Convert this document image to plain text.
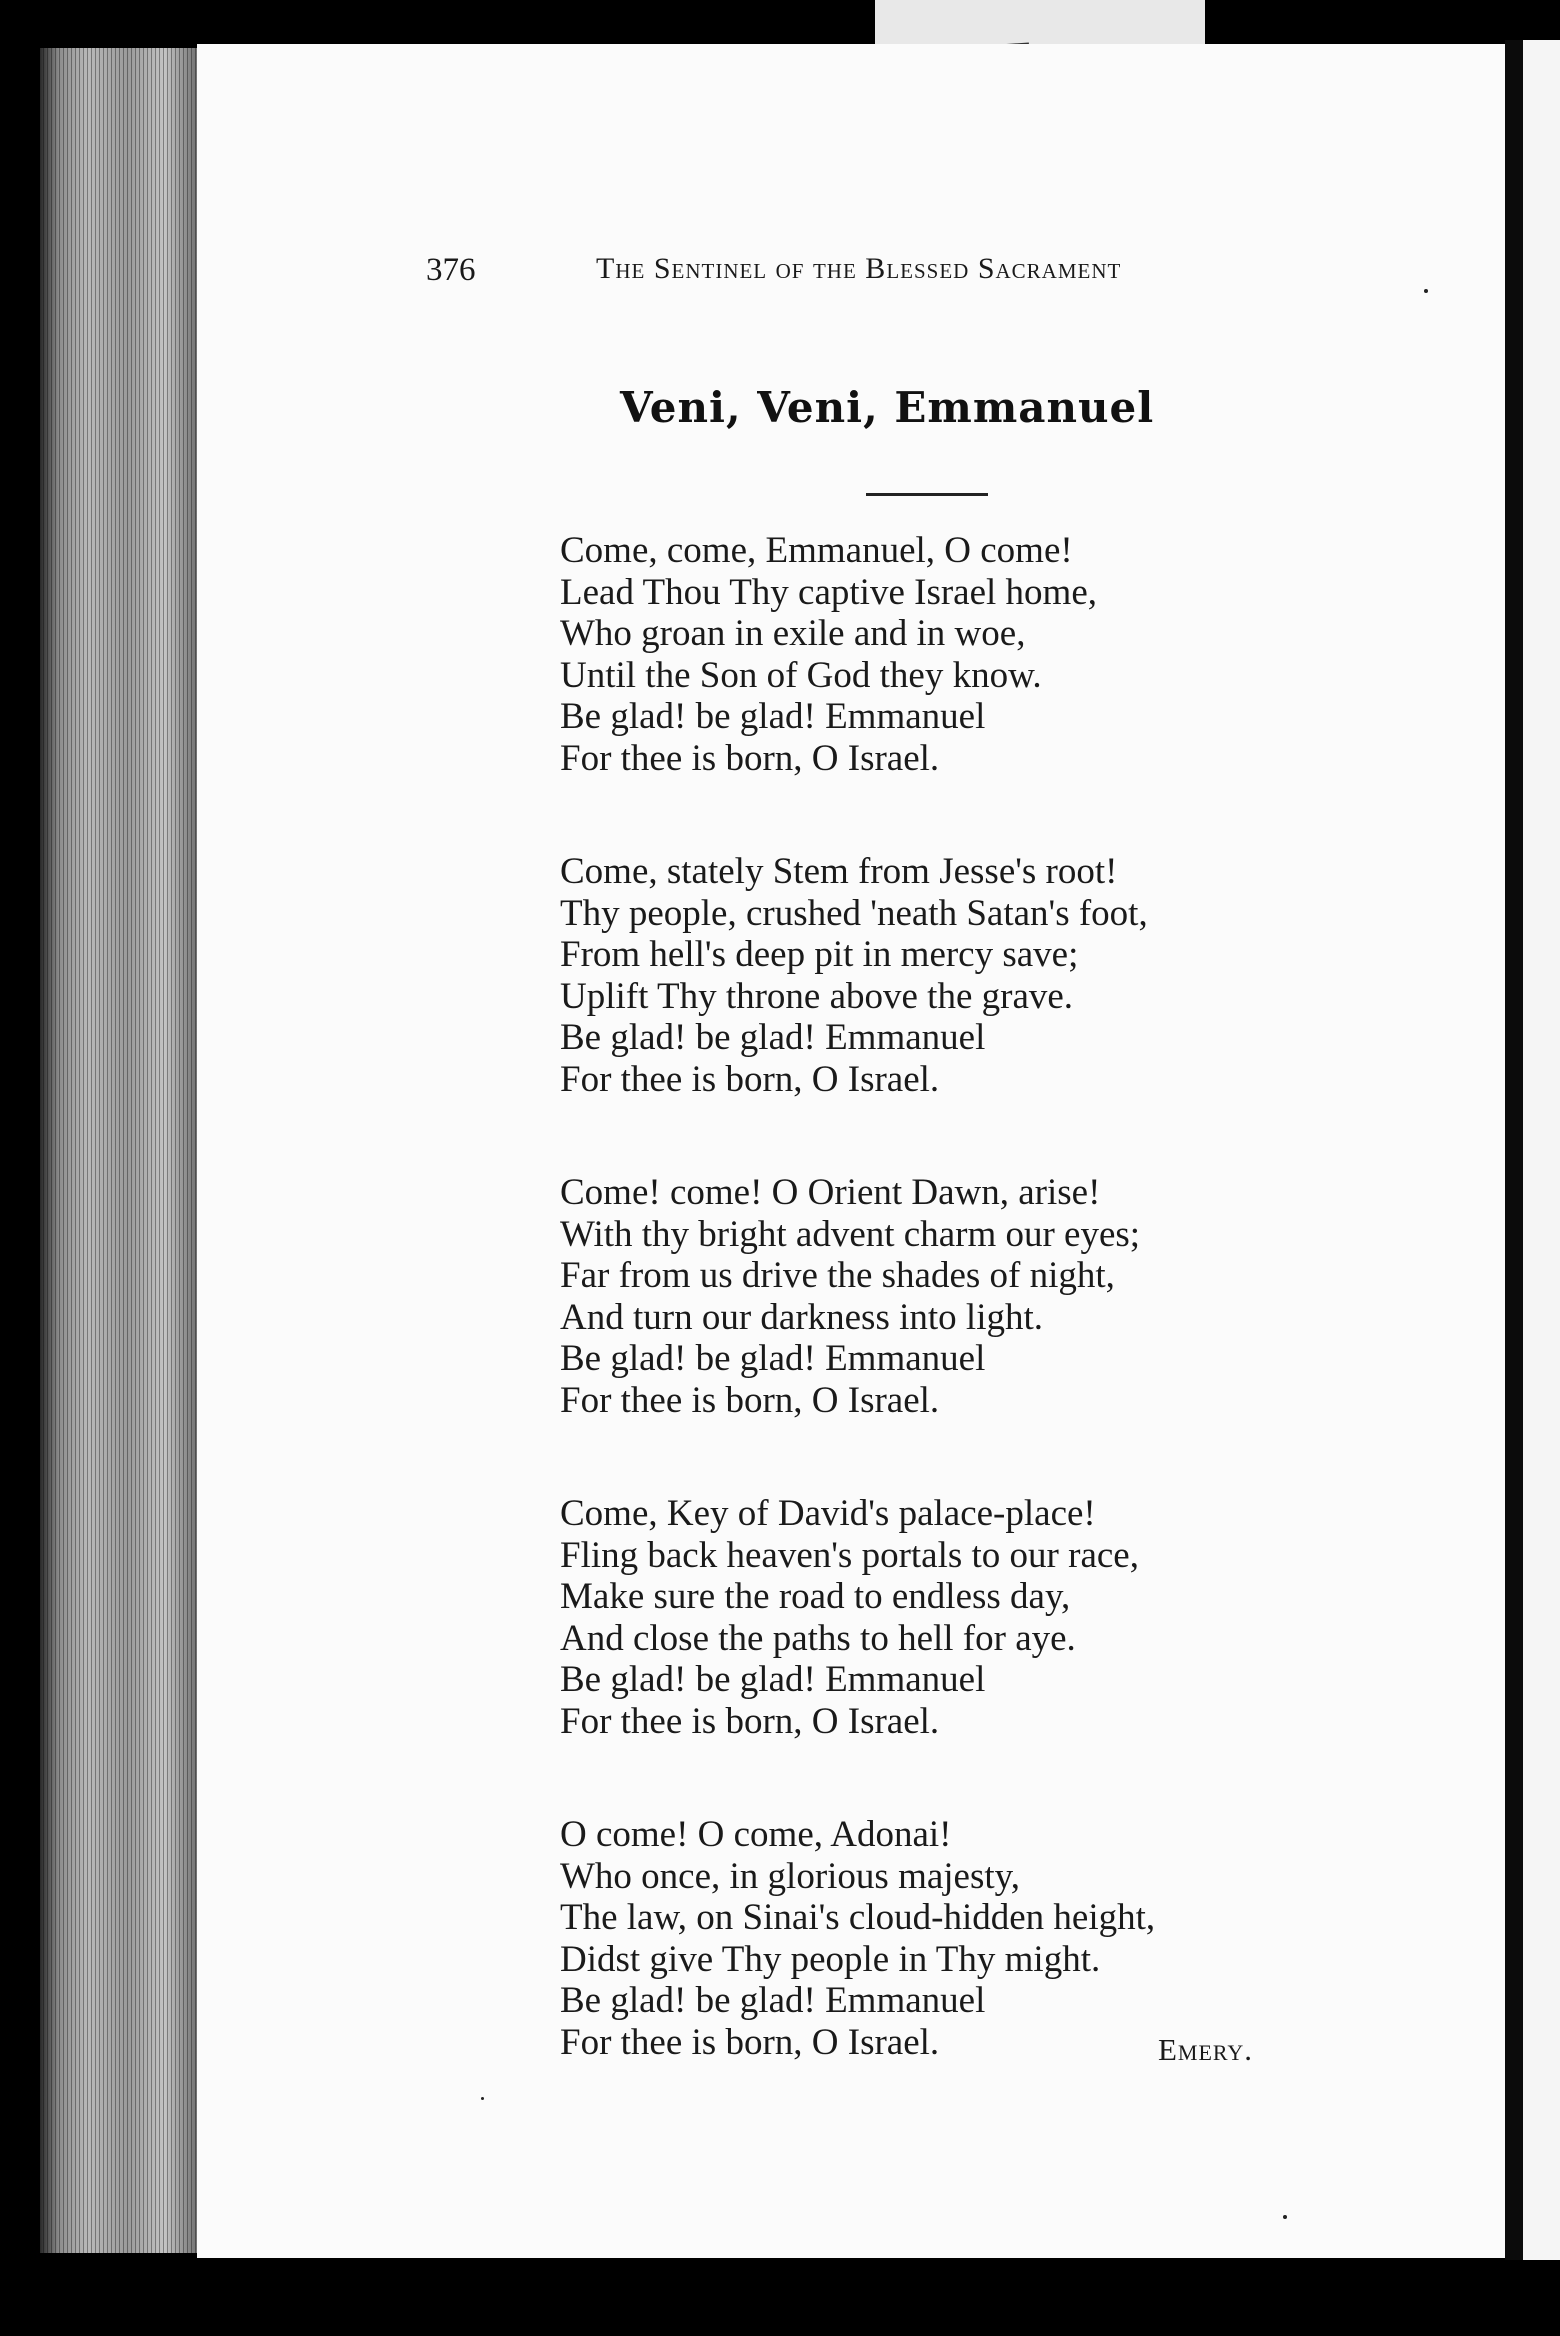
376	The Sentinel of the Blessed Sacrament
Veni, Veni, Emmanuel
Come, come, Emmanuel, O come!
Lead Thou Thy captive Israel home,
Who groan in exile and in woe,
Until the Son of God they know.
Be glad! be glad! Emmanuel
For thee is born, O Israel.
Come, stately Stem from Jesse's root!
Thy people, crushed 'neath Satan's foot,
From hell's deep pit in mercy save;
Uplift Thy throne above the grave.
Be glad! be glad! Emmanuel
For thee is born, O Israel.
Come! come! O Orient Dawn, arise!
With thy bright advent charm our eyes;
Far from us drive the shades of night,
And turn our darkness into light.
Be glad! be glad! Emmanuel
For thee is born, O Israel.
Come, Key of David's palace-place!
Fling back heaven's portals to our race,
Make sure the road to endless day,
And close the paths to hell for aye.
Be glad! be glad! Emmanuel
For thee is born, O Israel.
O come! O come, Adonai!
Who once, in glorious majesty,
The law, on Sinai's cloud-hidden height,
Didst give Thy people in Thy might.
Be glad! be glad! Emmanuel
For thee is born, O Israel.	Emery.
